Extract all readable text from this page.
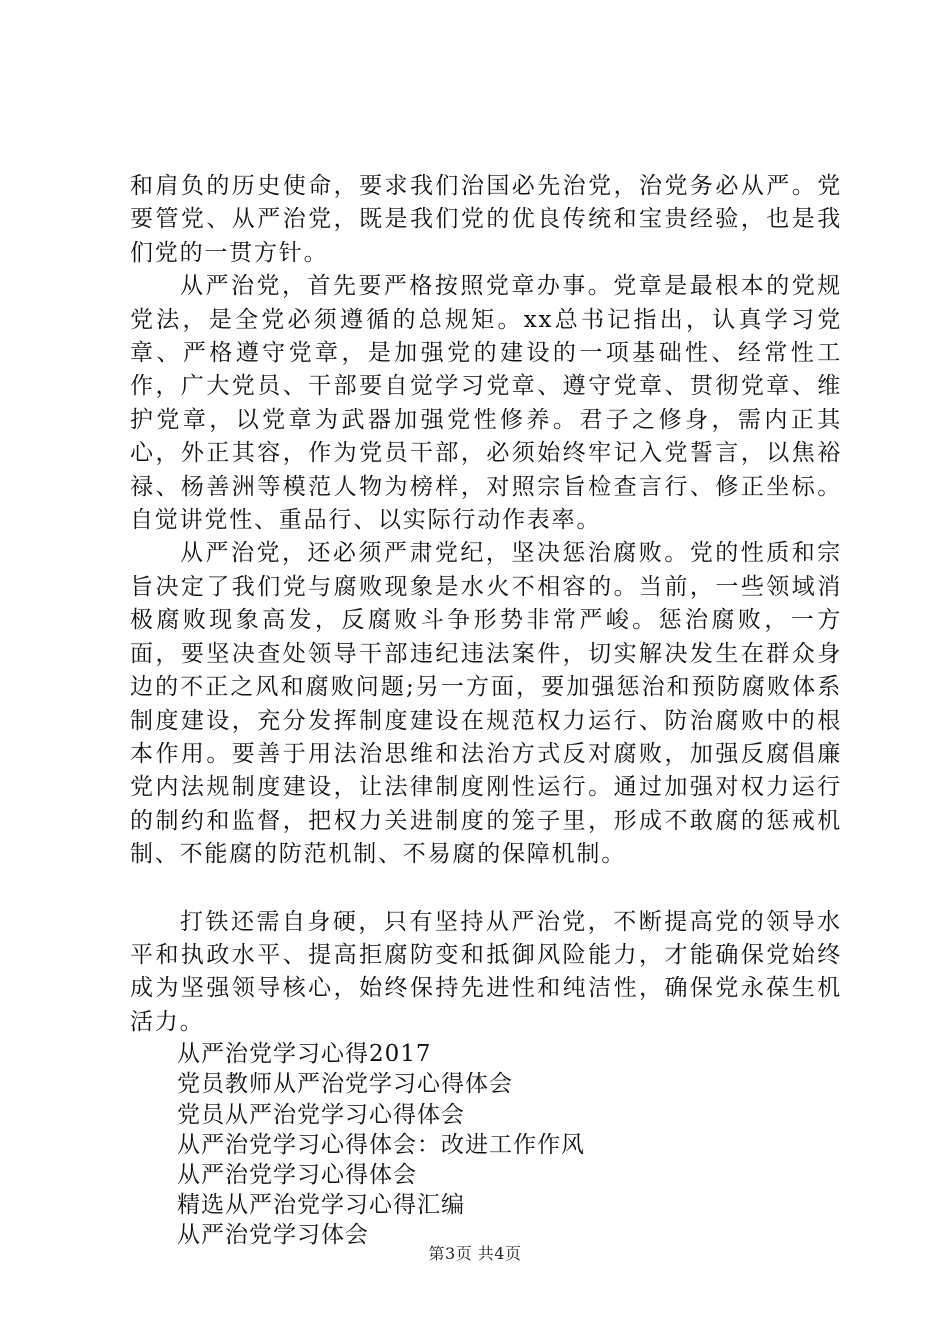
和肩负的历史使命，要求我们治国必先治党，治党务必从严。党要管党、从严治党，既是我们党的优良传统和宝贵经验，也是我们党的一贯方针。

从严治党，首先要严格按照党章办事。党章是最根本的党规党法，是全党必须遵循的总规矩。xx总书记指出，认真学习党章、严格遵守党章，是加强党的建设的一项基础性、经常性工作，广大党员、干部要自觉学习党章、遵守党章、贯彻党章、维护党章，以党章为武器加强党性修养。君子之修身，需内正其心，外正其容，作为党员干部，必须始终牢记入党誓言，以焦裕禄、杨善洲等模范人物为榜样，对照宗旨检查言行、修正坐标。自觉讲党性、重品行、以实际行动作表率。

从严治党，还必须严肃党纪，坚决惩治腐败。党的性质和宗旨决定了我们党与腐败现象是水火不相容的。当前，一些领域消极腐败现象高发，反腐败斗争形势非常严峻。惩治腐败，一方面，要坚决查处领导干部违纪违法案件，切实解决发生在群众身边的不正之风和腐败问题;另一方面，要加强惩治和预防腐败体系制度建设，充分发挥制度建设在规范权力运行、防治腐败中的根本作用。要善于用法治思维和法治方式反对腐败，加强反腐倡廉党内法规制度建设，让法律制度刚性运行。通过加强对权力运行的制约和监督，把权力关进制度的笼子里，形成不敢腐的惩戒机制、不能腐的防范机制、不易腐的保障机制。

打铁还需自身硬，只有坚持从严治党，不断提高党的领导水平和执政水平、提高拒腐防变和抵御风险能力，才能确保党始终成为坚强领导核心，始终保持先进性和纯洁性，确保党永葆生机活力。

从严治党学习心得2017
党员教师从严治党学习心得体会
党员从严治党学习心得体会
从严治党学习心得体会：改进工作作风
从严治党学习心得体会
精选从严治党学习心得汇编
从严治党学习体会
第3页 共4页
